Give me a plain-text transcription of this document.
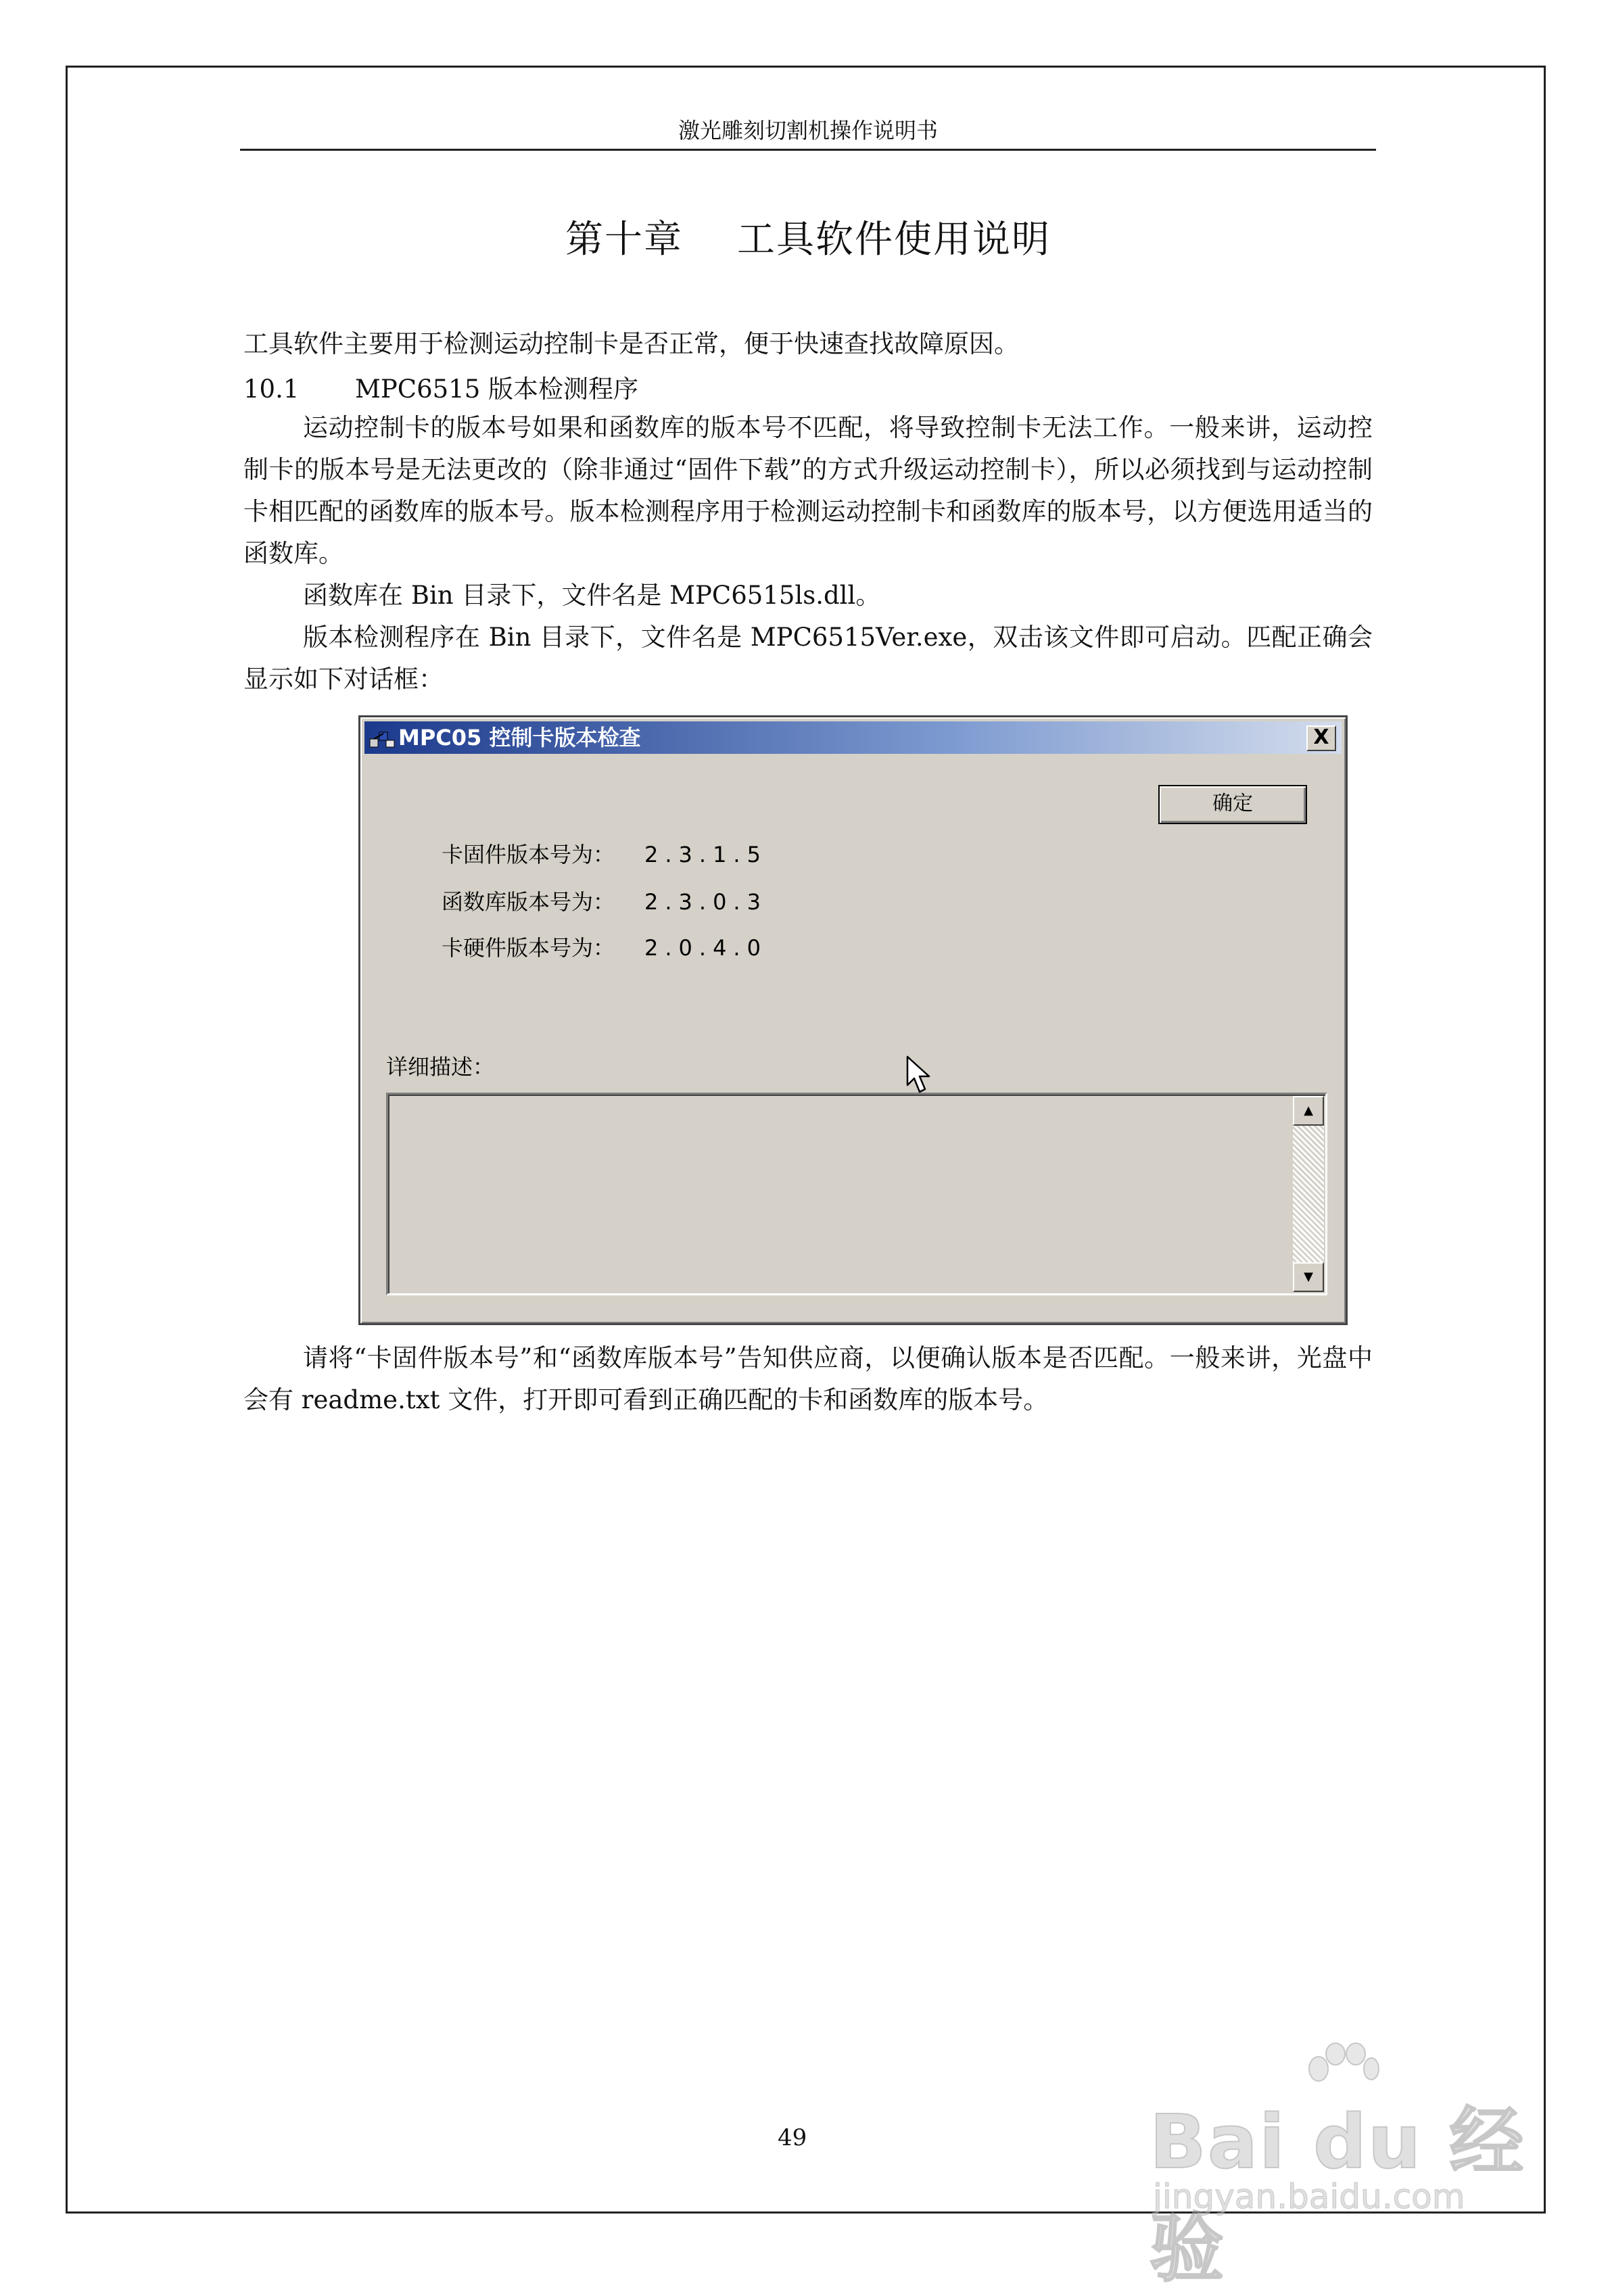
激光雕刻切割机操作说明书
第十章 工具软件使用说明
工具软件主要用于检测运动控制卡是否正常，便于快速查找故障原因。
10.1 MPC6515 版本检测程序
运动控制卡的版本号如果和函数库的版本号不匹配，将导致控制卡无法工作。一般来讲，运动控制卡的版本号是无法更改的（除非通过“固件下载”的方式升级运动控制卡），所以必须找到与运动控制卡相匹配的函数库的版本号。版本检测程序用于检测运动控制卡和函数库的版本号，以方便选用适当的函数库。
函数库在 Bin 目录下，文件名是 MPC6515ls.dll。
版本检测程序在 Bin 目录下，文件名是 MPC6515Ver.exe，双击该文件即可启动。匹配正确会显示如下对话框：
MPC05 控制卡版本检查	X
确定
卡固件版本号为： 2.3.1.5
函数库版本号为： 2.3.0.3
卡硬件版本号为： 2.0.4.0
详细描述：
▲
▼
请将“卡固件版本号”和“函数库版本号”告知供应商，以便确认版本是否匹配。一般来讲，光盘中会有 readme.txt 文件，打开即可看到正确匹配的卡和函数库的版本号。
49	Bai du 经验
jingyan.baidu.com
